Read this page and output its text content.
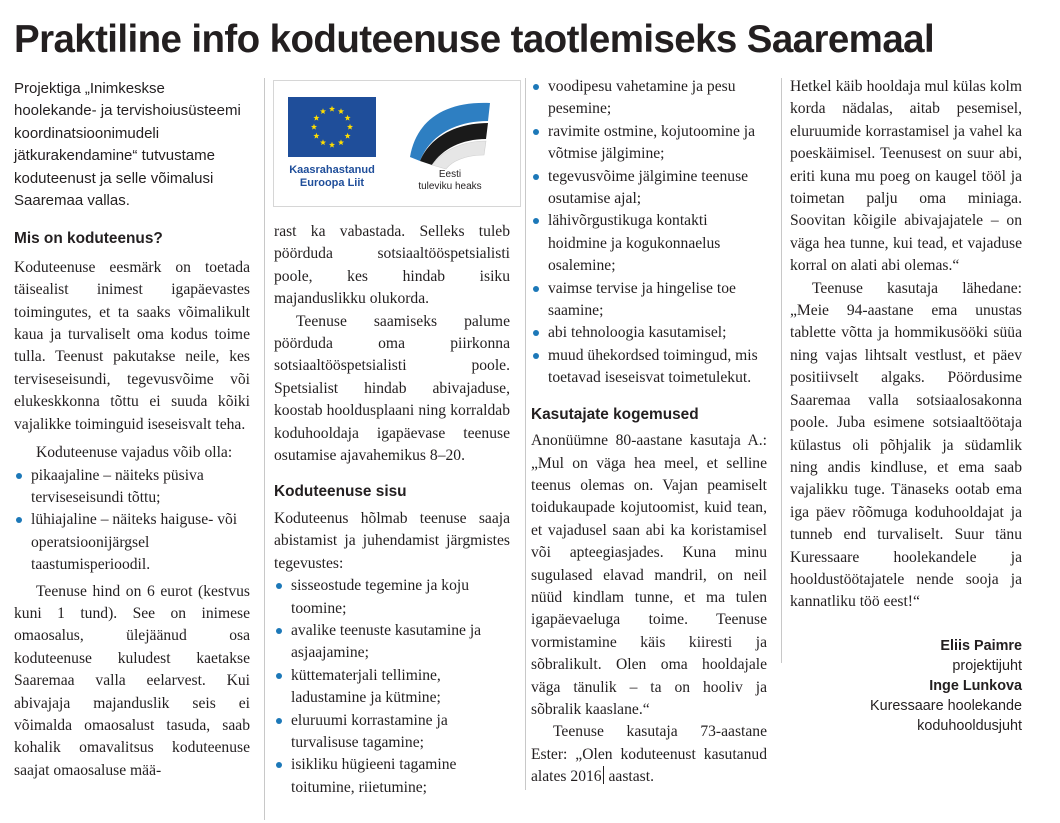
Praktiline info koduteenuse taotlemiseks Saaremaal

Projektiga „Inimkeskse hoolekande- ja tervishoiusüsteemi koordinatsioonimudeli jätkurakendamine“ tutvustame koduteenust ja selle võimalusi Saaremaa vallas.

Mis on koduteenus?

Koduteenuse eesmärk on toetada täisealist inimest igapäevastes toimingutes, et ta saaks võimalikult kaua ja turvaliselt oma kodus toime tulla. Teenust pakutakse neile, kes terviseseisundi, tegevusvõime või elukeskkonna tõttu ei suuda kõiki vajalikke toiminguid iseseisvalt teha.

Koduteenuse vajadus võib olla:

pikaajaline – näiteks püsiva terviseseisundi tõttu;
lühiajaline – näiteks haiguse- või operatsioonijärgsel taastumisperioodil.

Teenuse hind on 6 eurot (kestvus kuni 1 tund). See on inimese omaosalus, ülejäänud osa koduteenuse kuludest kaetakse Saaremaa valla eelarvest. Kui abivajaja majanduslik seis ei võimalda omaosalust tasuda, saab kohalik omavalitsus koduteenuse saajat omaosaluse mää-

Kaasrahastanud
Euroopa Liit
Eesti
tuleviku heaks

rast ka vabastada. Selleks tuleb pöörduda sotsiaaltööspetsialisti poole, kes hindab isiku majanduslikku olukorda.

Teenuse saamiseks palume pöörduda oma piirkonna sotsiaaltööspetsialisti poole. Spetsialist hindab abivajaduse, koostab hooldusplaani ning korraldab koduhooldaja igapäevase teenuse osutamise ajavahemikus 8–20.

Koduteenuse sisu

Koduteenus hõlmab teenuse saaja abistamist ja juhendamist järgmistes tegevustes:

sisseostude tegemine ja koju toomine;
avalike teenuste kasutamine ja asjaajamine;
küttematerjali tellimine, ladustamine ja kütmine;
eluruumi korrastamine ja turvalisuse tagamine;
isikliku hügieeni tagamine toitumine, riietumine;
voodipesu vahetamine ja pesu pesemine;
ravimite ostmine, kojutoomine ja võtmise jälgimine;
tegevusvõime jälgimine teenuse osutamise ajal;
lähivõrgustikuga kontakti hoidmine ja kogukonnaelus osalemine;
vaimse tervise ja hingelise toe saamine;
abi tehnoloogia kasutamisel;
muud ühekordsed toimingud, mis toetavad iseseisvat toimetulekut.

Kasutajate kogemused

Anonüümne 80-aastane kasutaja A.: „Mul on väga hea meel, et selline teenus olemas on. Vajan peamiselt toidukaupade kojutoomist, kuid tean, et vajadusel saan abi ka koristamisel või apteegiasjades. Kuna minu sugulased elavad mandril, on neil nüüd kindlam tunne, et ma tulen igapäevaeluga toime. Teenuse vormistamine käis kiiresti ja sõbralikult. Olen oma hooldajale väga tänulik – ta on hooliv ja sõbralik kaaslane.“

Teenuse kasutaja 73-aastane Ester: „Olen koduteenust kasutanud alates 2016 aastast.

Hetkel käib hooldaja mul külas kolm korda nädalas, aitab pesemisel, eluruumide korrastamisel ja vahel ka poeskäimisel. Teenusest on suur abi, eriti kuna mu poeg on kaugel tööl ja toimetan palju oma miniaga. Soovitan kõigile abivajajatele – on väga hea tunne, kui tead, et vajaduse korral on alati abi olemas.“

Teenuse kasutaja lähedane: „Meie 94-aastane ema unustas tablette võtta ja hommikusööki süüa ning vajas lihtsalt vestlust, et päev positiivselt algaks. Pöördusime Saaremaa valla sotsiaalosakonna poole. Juba esimene sotsiaaltöötaja külastus oli põhjalik ja südamlik ning andis kindluse, et ema saab vajalikku tuge. Tänaseks ootab ema iga päev rõõmuga koduhooldajat ja tunneb end turvaliselt. Suur tänu Kuressaare hoolekandele ja hooldustöötajatele nende sooja ja kannatliku töö eest!“

Eliis Paimre
projektijuht
Inge Lunkova
Kuressaare hoolekande
koduhooldusjuht
